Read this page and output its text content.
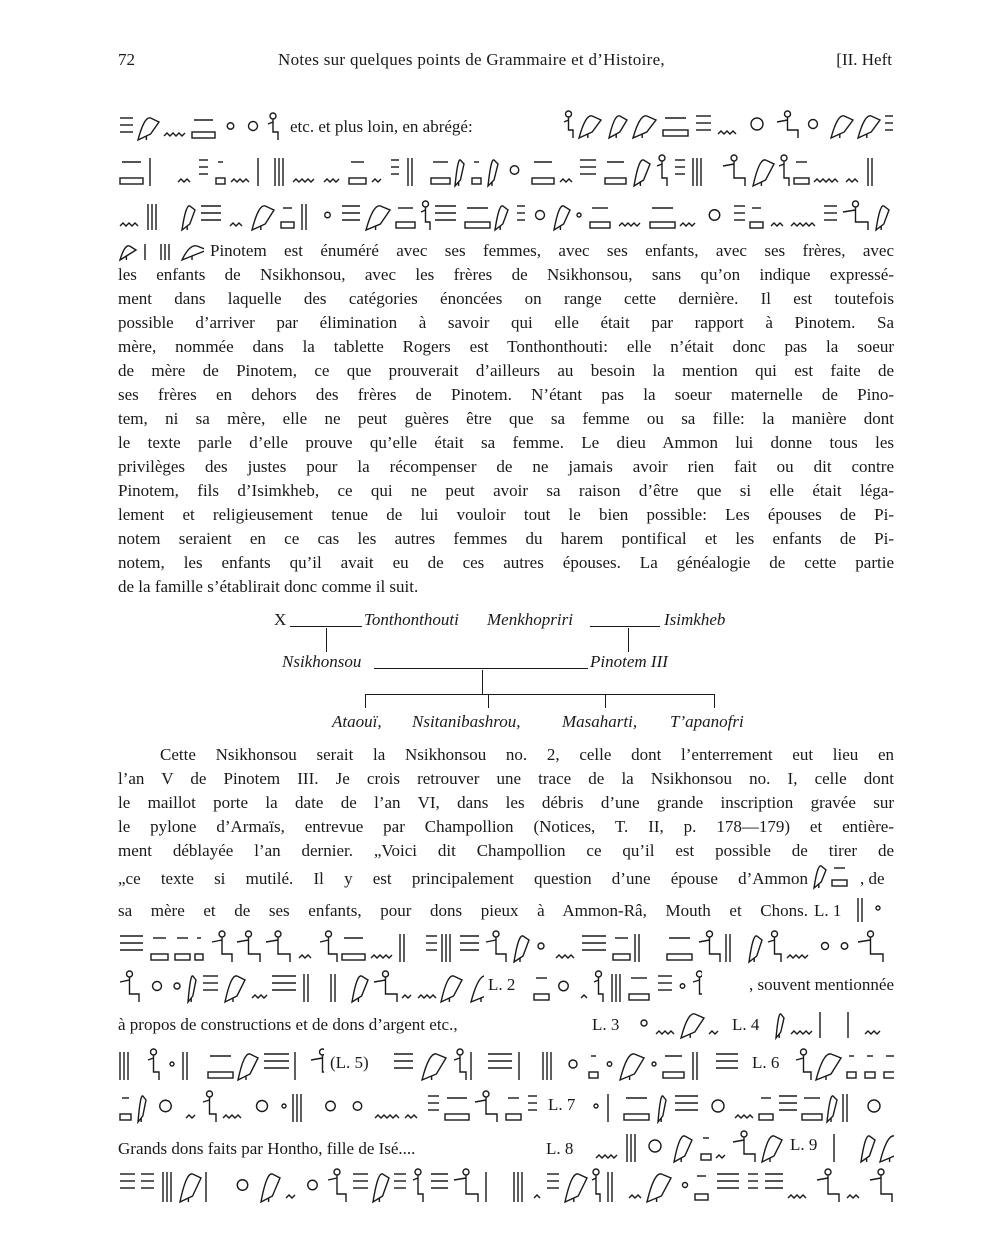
72	Notes sur quelques points de Grammaire et d’Histoire,	[II. Heft
etc. et plus loin, en abrégé:
Pinotem est énuméré avec ses femmes, avec ses enfants, avec ses frères, avec
les enfants de Nsikhonsou, avec les frères de Nsikhonsou, sans qu’on indique expressé-
ment dans laquelle des catégories énoncées on range cette dernière. Il est toutefois
possible d’arriver par élimination à savoir qui elle était par rapport à Pinotem. Sa
mère, nommée dans la tablette Rogers est Tonthonthouti: elle n’était donc pas la soeur
de mère de Pinotem, ce que prouverait d’ailleurs au besoin la mention qui est faite de
ses frères en dehors des frères de Pinotem. N’étant pas la soeur maternelle de Pino-
tem, ni sa mère, elle ne peut guères être que sa femme ou sa fille: la manière dont
le texte parle d’elle prouve qu’elle était sa femme. Le dieu Ammon lui donne tous les
privilèges des justes pour la récompenser de ne jamais avoir rien fait ou dit contre
Pinotem, fils d’Isimkheb, ce qui ne peut avoir sa raison d’être que si elle était léga-
lement et religieusement tenue de lui vouloir tout le bien possible: Les épouses de Pi-
notem seraient en ce cas les autres femmes du harem pontifical et les enfants de Pi-
notem, les enfants qu’il avait eu de ces autres épouses. La généalogie de cette partie
de la famille s’établirait donc comme il suit.
X	Tonthonthouti Menkhopriri	Isimkheb
Nsikhonsou	Pinotem III
Ataouï, Nsitanibashrou, Masaharti, T’apanofri
Cette Nsikhonsou serait la Nsikhonsou no. 2, celle dont l’enterrement eut lieu en
l’an V de Pinotem III. Je crois retrouver une trace de la Nsikhonsou no. I, celle dont
le maillot porte la date de l’an VI, dans les débris d’une grande inscription gravée sur
le pylone d’Armaïs, entrevue par Champollion (Notices, T. II, p. 178—179) et entière-
ment déblayée l’an dernier. „Voici dit Champollion ce qu’il est possible de tirer de
„ce texte si mutilé. Il y est principalement question d’une épouse d’Ammon	, de
sa mère et de ses enfants, pour dons pieux à Ammon-Râ, Mouth et Chons. L. 1
L. 2	, souvent mentionnée
à propos de constructions et de dons d’argent etc.,	L. 3	L. 4
(L. 5)	L. 6
L. 7
Grands dons faits par Hontho, fille de Isé....	L. 8	L. 9
